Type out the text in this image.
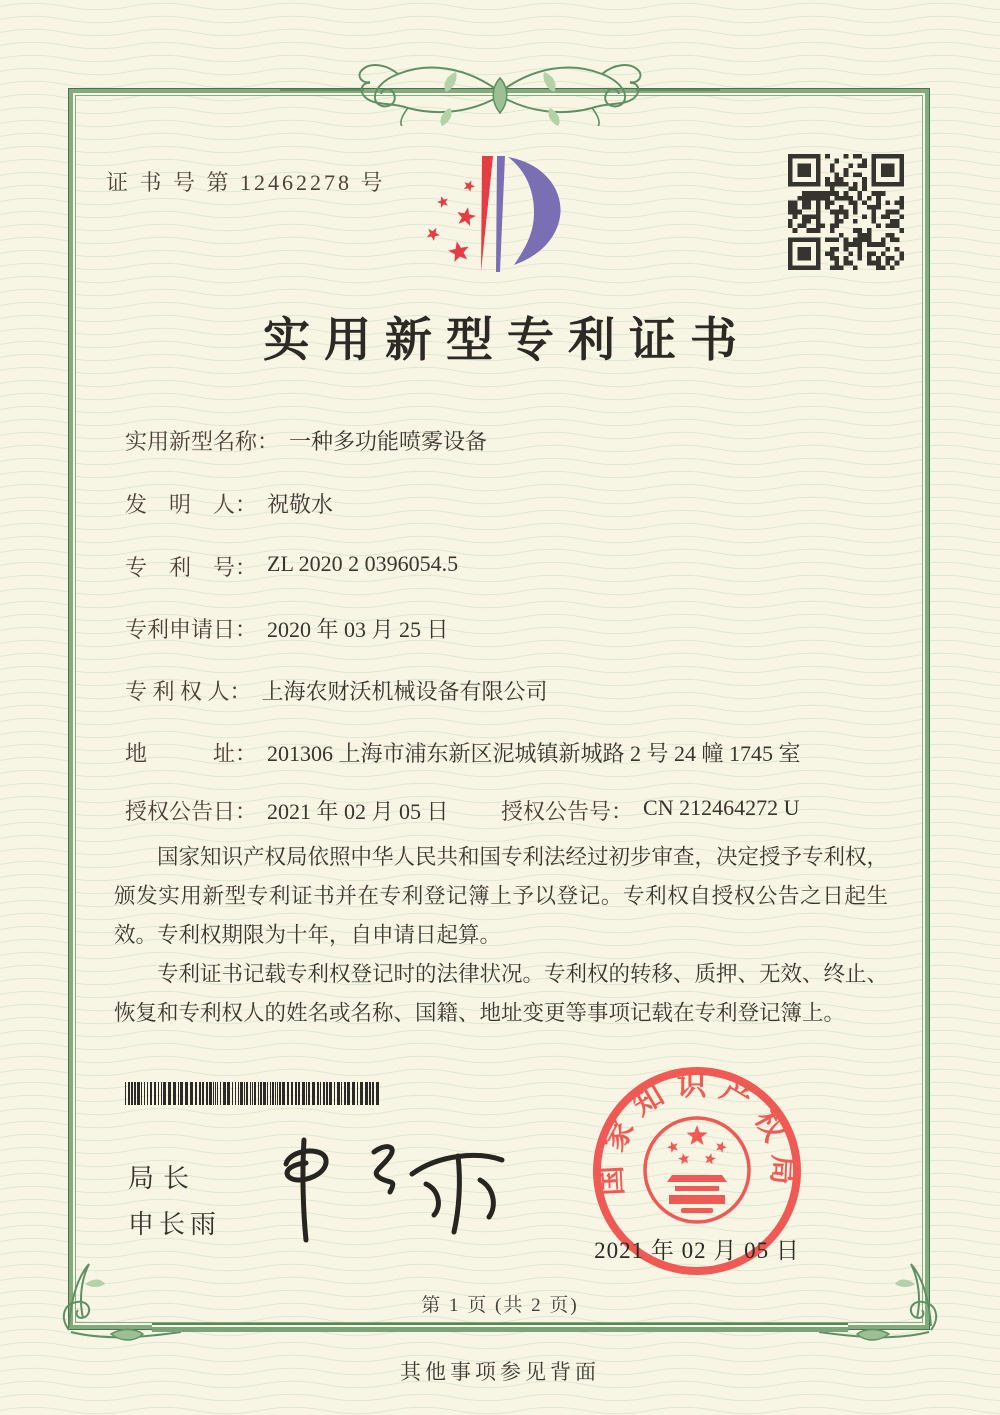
证 书 号 第 12462278 号
实用新型专利证书
实用新型名称： 一种多功能喷雾设备
发　明　人： 祝敬水
专　利　号： ZL 2020 2 0396054.5
专利申请日： 2020 年 03 月 25 日
专 利 权 人： 上海农财沃机械设备有限公司
地　　　址： 201306 上海市浦东新区泥城镇新城路 2 号 24 幢 1745 室
授权公告日： 2021 年 02 月 05 日 授权公告号： CN 212464272 U

国家知识产权局依照中华人民共和国专利法经过初步审查，决定授予专利权，颁发实用新型专利证书并在专利登记簿上予以登记。专利权自授权公告之日起生效。专利权期限为十年，自申请日起算。

专利证书记载专利权登记时的法律状况。专利权的转移、质押、无效、终止、恢复和专利权人的姓名或名称、国籍、地址变更等事项记载在专利登记簿上。

局长
申长雨
国家知识产权局
2021 年 02 月 05 日
第 1 页 (共 2 页)
其他事项参见背面
